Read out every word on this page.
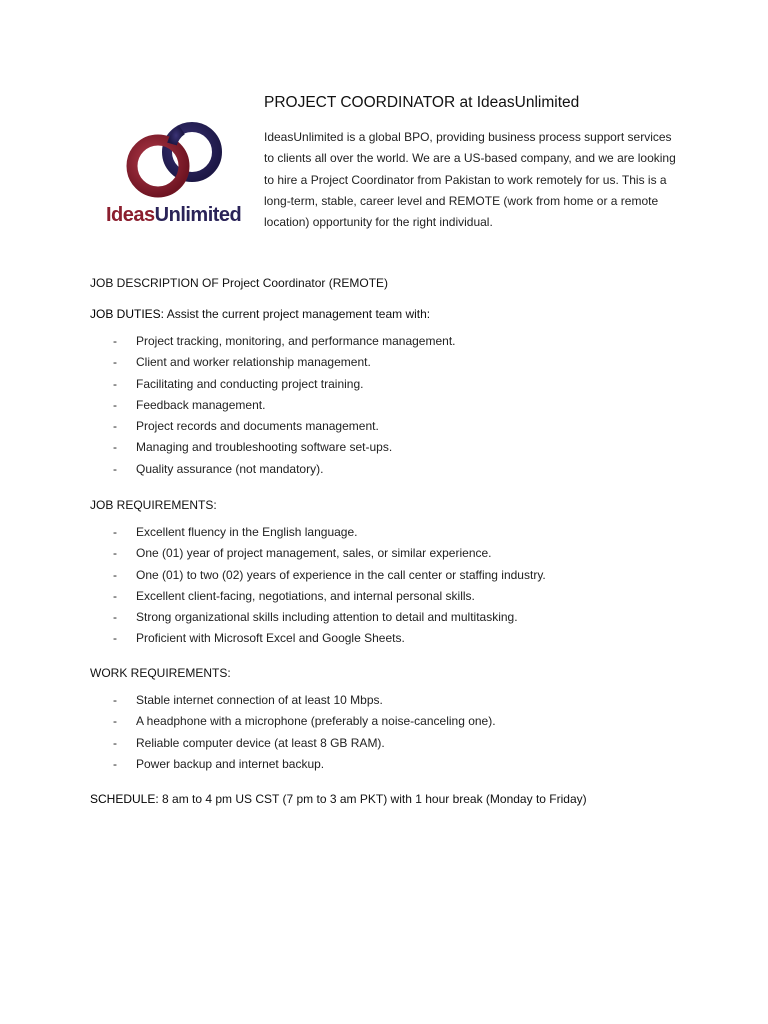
IdeasUnlimited
PROJECT COORDINATOR at IdeasUnlimited

IdeasUnlimited is a global BPO, providing business process support services to clients all over the world. We are a US-based company, and we are looking to hire a Project Coordinator from Pakistan to work remotely for us. This is a long-term, stable, career level and REMOTE (work from home or a remote location) opportunity for the right individual.

JOB DESCRIPTION OF Project Coordinator (REMOTE)
JOB DUTIES: Assist the current project management team with:
- Project tracking, monitoring, and performance management.
- Client and worker relationship management.
- Facilitating and conducting project training.
- Feedback management.
- Project records and documents management.
- Managing and troubleshooting software set-ups.
- Quality assurance (not mandatory).
JOB REQUIREMENTS:
- Excellent fluency in the English language.
- One (01) year of project management, sales, or similar experience.
- One (01) to two (02) years of experience in the call center or staffing industry.
- Excellent client-facing, negotiations, and internal personal skills.
- Strong organizational skills including attention to detail and multitasking.
- Proficient with Microsoft Excel and Google Sheets.
WORK REQUIREMENTS:
- Stable internet connection of at least 10 Mbps.
- A headphone with a microphone (preferably a noise-canceling one).
- Reliable computer device (at least 8 GB RAM).
- Power backup and internet backup.
SCHEDULE: 8 am to 4 pm US CST (7 pm to 3 am PKT) with 1 hour break (Monday to Friday)
